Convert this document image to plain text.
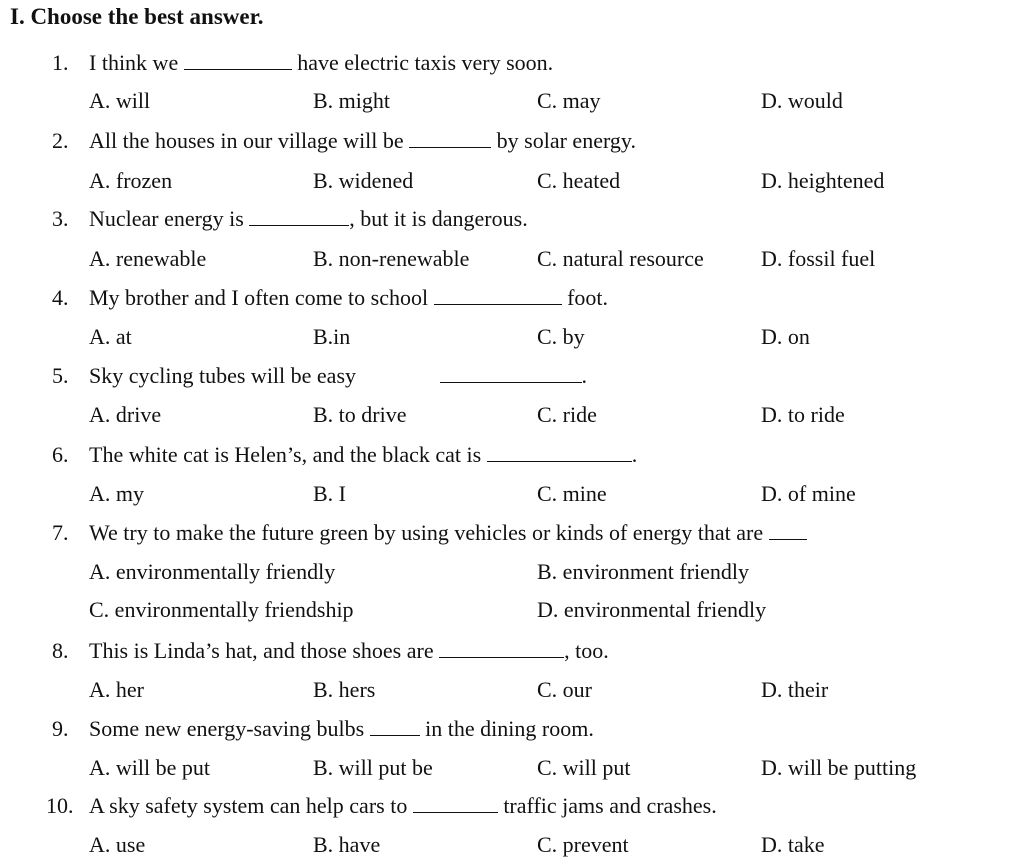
I. Choose the best answer.
1. I think we	have electric taxis very soon.
A. will	B. might	C. may	D. would
2. All the houses in our village will be	by solar energy.
A. frozen	B. widened	C. heated	D. heightened
3. Nuclear energy is	, but it is dangerous.
A. renewable	B. non-renewable	C. natural resource	D. fossil fuel
4. My brother and I often come to school	foot.
A. at	B.in	C. by	D. on
5. Sky cycling tubes will be easy	.
A. drive	B. to drive	C. ride	D. to ride
6. The white cat is Helen’s, and the black cat is	.
A. my	B. I	C. mine	D. of mine
7. We try to make the future green by using vehicles or kinds of energy that are
A. environmentally friendly	B. environment friendly
C. environmentally friendship	D. environmental friendly
8. This is Linda’s hat, and those shoes are	, too.
A. her	B. hers	C. our	D. their
9. Some new energy-saving bulbs  in the dining room.
A. will be put	B. will put be	C. will put	D. will be putting
10. A sky safety system can help cars to	traffic jams and crashes.
A. use	B. have	C. prevent	D. take
